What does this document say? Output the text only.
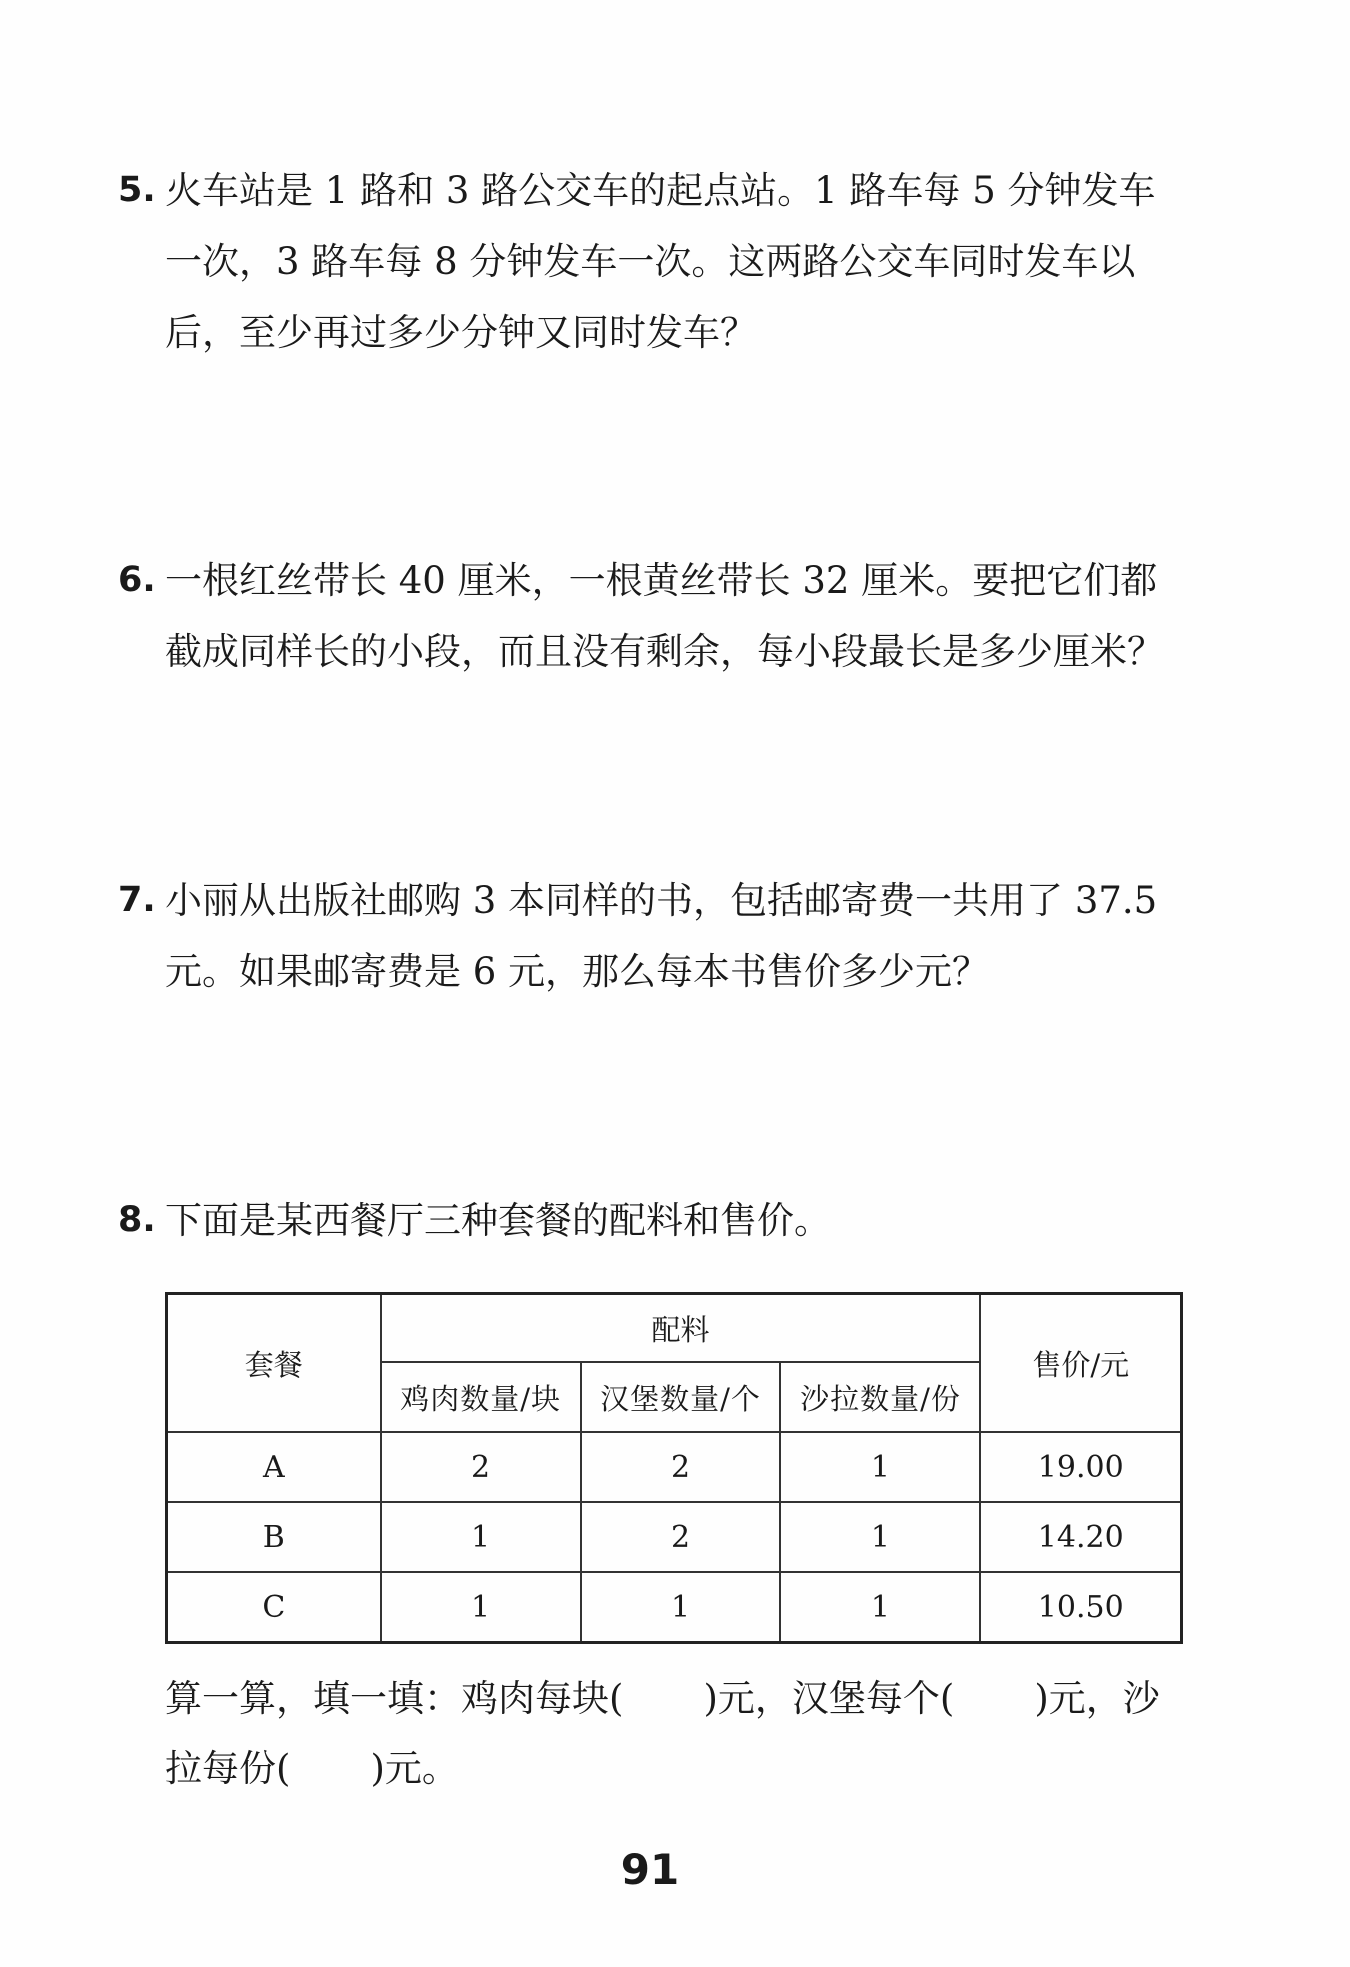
5. 火车站是 1 路和 3 路公交车的起点站。1 路车每 5 分钟发车一次，3 路车每 8 分钟发车一次。这两路公交车同时发车以后，至少再过多少分钟又同时发车？
6. 一根红丝带长 40 厘米，一根黄丝带长 32 厘米。要把它们都截成同样长的小段，而且没有剩余，每小段最长是多少厘米？
7. 小丽从出版社邮购 3 本同样的书，包括邮寄费一共用了 37.5 元。如果邮寄费是 6 元，那么每本书售价多少元？
8. 下面是某西餐厅三种套餐的配料和售价。
套餐	配料			售价/元
	鸡肉数量/块	汉堡数量/个	沙拉数量/份	
A	2	2	1	19.00
B	1	2	1	14.20
C	1	1	1	10.50
算一算，填一填：鸡肉每块( )元，汉堡每个( )元，沙拉每份( )元。
91
